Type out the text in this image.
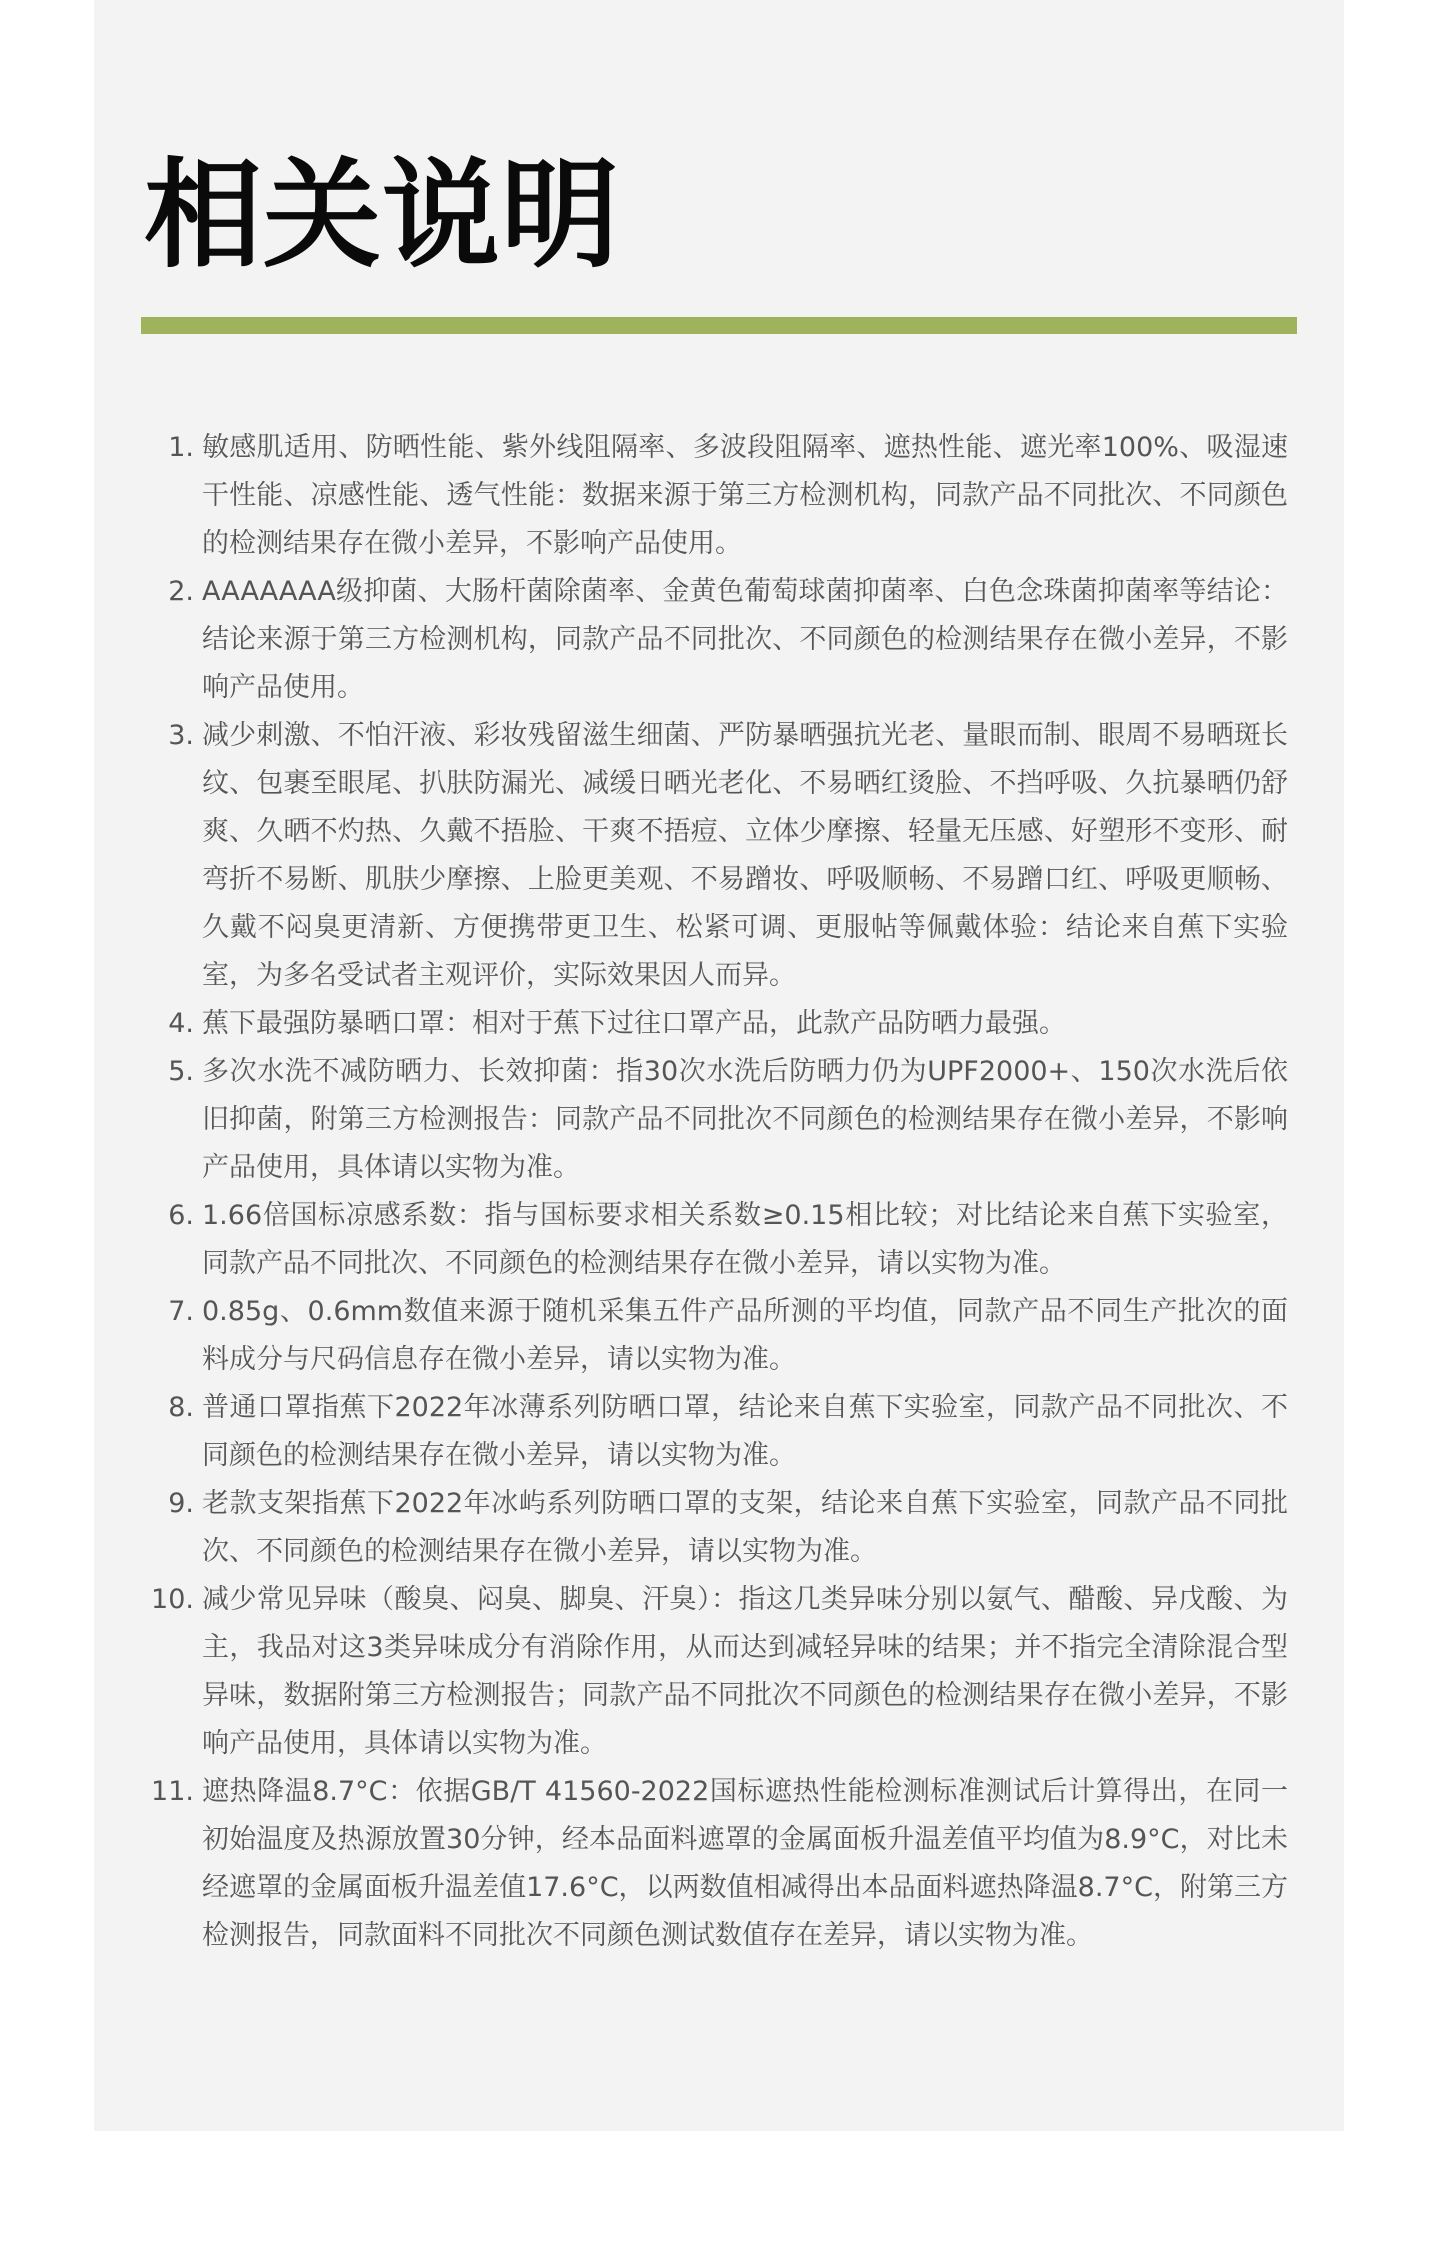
相关说明
1. 敏感肌适用、防晒性能、紫外线阻隔率、多波段阻隔率、遮热性能、遮光率100%、吸湿速干性能、凉感性能、透气性能：数据来源于第三方检测机构，同款产品不同批次、不同颜色的检测结果存在微小差异，不影响产品使用。
2. AAAAAAA级抑菌、大肠杆菌除菌率、金黄色葡萄球菌抑菌率、白色念珠菌抑菌率等结论：结论来源于第三方检测机构，同款产品不同批次、不同颜色的检测结果存在微小差异，不影响产品使用。
3. 减少刺激、不怕汗液、彩妆残留滋生细菌、严防暴晒强抗光老、量眼而制、眼周不易晒斑长纹、包裹至眼尾、扒肤防漏光、减缓日晒光老化、不易晒红烫脸、不挡呼吸、久抗暴晒仍舒爽、久晒不灼热、久戴不捂脸、干爽不捂痘、立体少摩擦、轻量无压感、好塑形不变形、耐弯折不易断、肌肤少摩擦、上脸更美观、不易蹭妆、呼吸顺畅、不易蹭口红、呼吸更顺畅、久戴不闷臭更清新、方便携带更卫生、松紧可调、更服帖等佩戴体验：结论来自蕉下实验室，为多名受试者主观评价，实际效果因人而异。
4. 蕉下最强防暴晒口罩：相对于蕉下过往口罩产品，此款产品防晒力最强。
5. 多次水洗不减防晒力、长效抑菌：指30次水洗后防晒力仍为UPF2000+、150次水洗后依旧抑菌，附第三方检测报告：同款产品不同批次不同颜色的检测结果存在微小差异，不影响产品使用，具体请以实物为准。
6. 1.66倍国标凉感系数：指与国标要求相关系数≥0.15相比较；对比结论来自蕉下实验室，同款产品不同批次、不同颜色的检测结果存在微小差异，请以实物为准。
7. 0.85g、0.6mm数值来源于随机采集五件产品所测的平均值，同款产品不同生产批次的面料成分与尺码信息存在微小差异，请以实物为准。
8. 普通口罩指蕉下2022年冰薄系列防晒口罩，结论来自蕉下实验室，同款产品不同批次、不同颜色的检测结果存在微小差异，请以实物为准。
9. 老款支架指蕉下2022年冰屿系列防晒口罩的支架，结论来自蕉下实验室，同款产品不同批次、不同颜色的检测结果存在微小差异，请以实物为准。
10. 减少常见异味（酸臭、闷臭、脚臭、汗臭）：指这几类异味分别以氨气、醋酸、异戊酸、为主，我品对这3类异味成分有消除作用，从而达到减轻异味的结果；并不指完全清除混合型异味，数据附第三方检测报告；同款产品不同批次不同颜色的检测结果存在微小差异，不影响产品使用，具体请以实物为准。
11. 遮热降温8.7°C：依据GB/T 41560-2022国标遮热性能检测标准测试后计算得出，在同一初始温度及热源放置30分钟，经本品面料遮罩的金属面板升温差值平均值为8.9°C，对比未经遮罩的金属面板升温差值17.6°C，以两数值相减得出本品面料遮热降温8.7°C，附第三方检测报告，同款面料不同批次不同颜色测试数值存在差异，请以实物为准。
